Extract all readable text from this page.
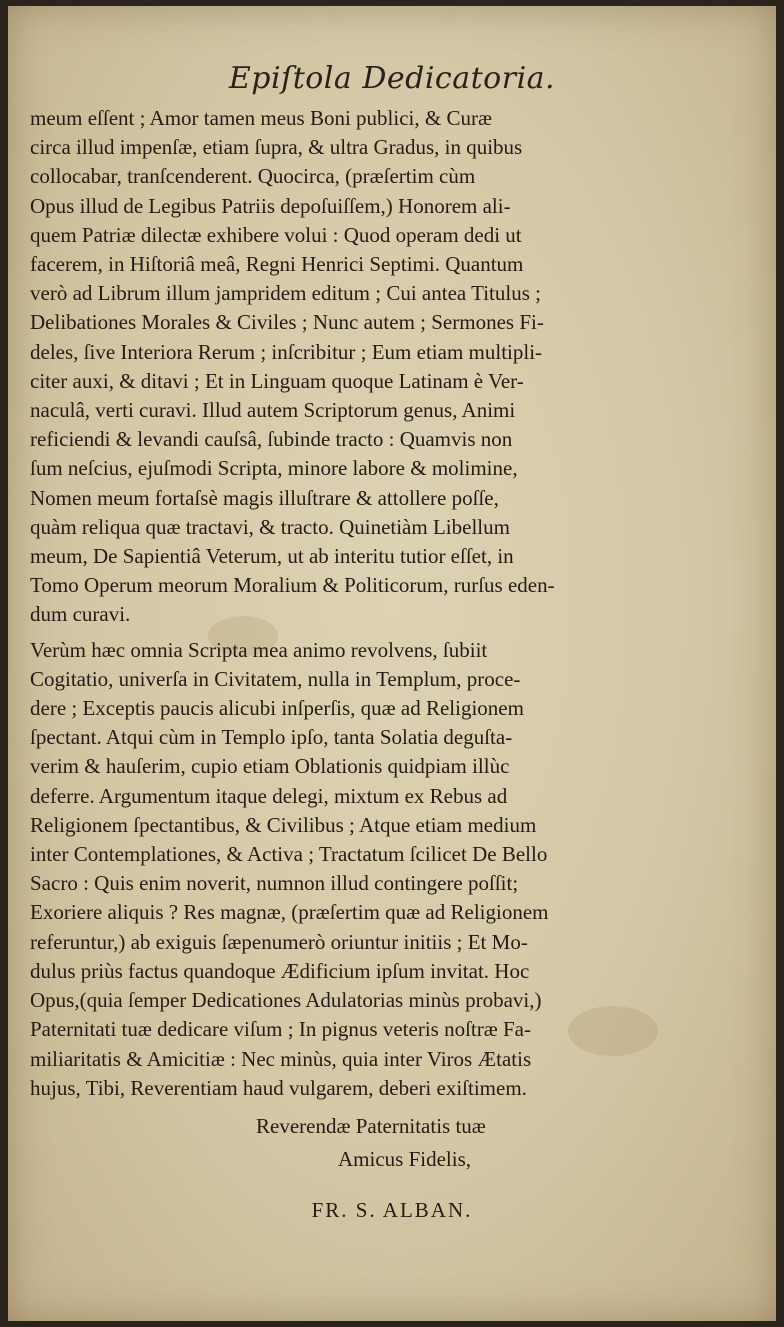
Epiſtola Dedicatoria.
meum eſſent ; Amor tamen meus Boni publici, & Curæ
circa illud impenſæ, etiam ſupra, & ultra Gradus, in quibus
collocabar, tranſcenderent. Quocirca, (præſertim cùm
Opus illud de Legibus Patriis depoſuiſſem,) Honorem ali-
quem Patriæ dilectæ exhibere volui : Quod operam dedi ut
facerem, in Hiſtoriâ meâ, Regni Henrici Septimi. Quantum
verò ad Librum illum jampridem editum ; Cui antea Titulus ;
Delibationes Morales & Civiles ; Nunc autem ; Sermones Fi-
deles, ſive Interiora Rerum ; inſcribitur ; Eum etiam multipli-
citer auxi, & ditavi ; Et in Linguam quoque Latinam è Ver-
naculâ, verti curavi. Illud autem Scriptorum genus, Animi
reficiendi & levandi cauſsâ, ſubinde tracto : Quamvis non
ſum neſcius, ejuſmodi Scripta, minore labore & molimine,
Nomen meum fortaſsè magis illuſtrare & attollere poſſe,
quàm reliqua quæ tractavi, & tracto. Quinetiàm Libellum
meum, De Sapientiâ Veterum, ut ab interitu tutior eſſet, in
Tomo Operum meorum Moralium & Politicorum, rurſus eden-
dum curavi.
Verùm hæc omnia Scripta mea animo revolvens, ſubiit
Cogitatio, univerſa in Civitatem, nulla in Templum, proce-
dere ; Exceptis paucis alicubi inſperſis, quæ ad Religionem
ſpectant. Atqui cùm in Templo ipſo, tanta Solatia deguſta-
verim & hauſerim, cupio etiam Oblationis quidpiam illùc
deferre. Argumentum itaque delegi, mixtum ex Rebus ad
Religionem ſpectantibus, & Civilibus ; Atque etiam medium
inter Contemplationes, & Activa ; Tractatum ſcilicet De Bello
Sacro : Quis enim noverit, numnon illud contingere poſſit;
Exoriere aliquis ? Res magnæ, (præſertim quæ ad Religionem
referuntur,) ab exiguis ſæpenumerò oriuntur initiis ; Et Mo-
dulus priùs factus quandoque Ædificium ipſum invitat. Hoc
Opus,(quia ſemper Dedicationes Adulatorias minùs probavi,)
Paternitati tuæ dedicare viſum ; In pignus veteris noſtræ Fa-
miliaritatis & Amicitiæ : Nec minùs, quia inter Viros Ætatis
hujus, Tibi, Reverentiam haud vulgarem, deberi exiſtimem.
Reverendæ Paternitatis tuæ
Amicus Fidelis,
FR. S. ALBAN.
